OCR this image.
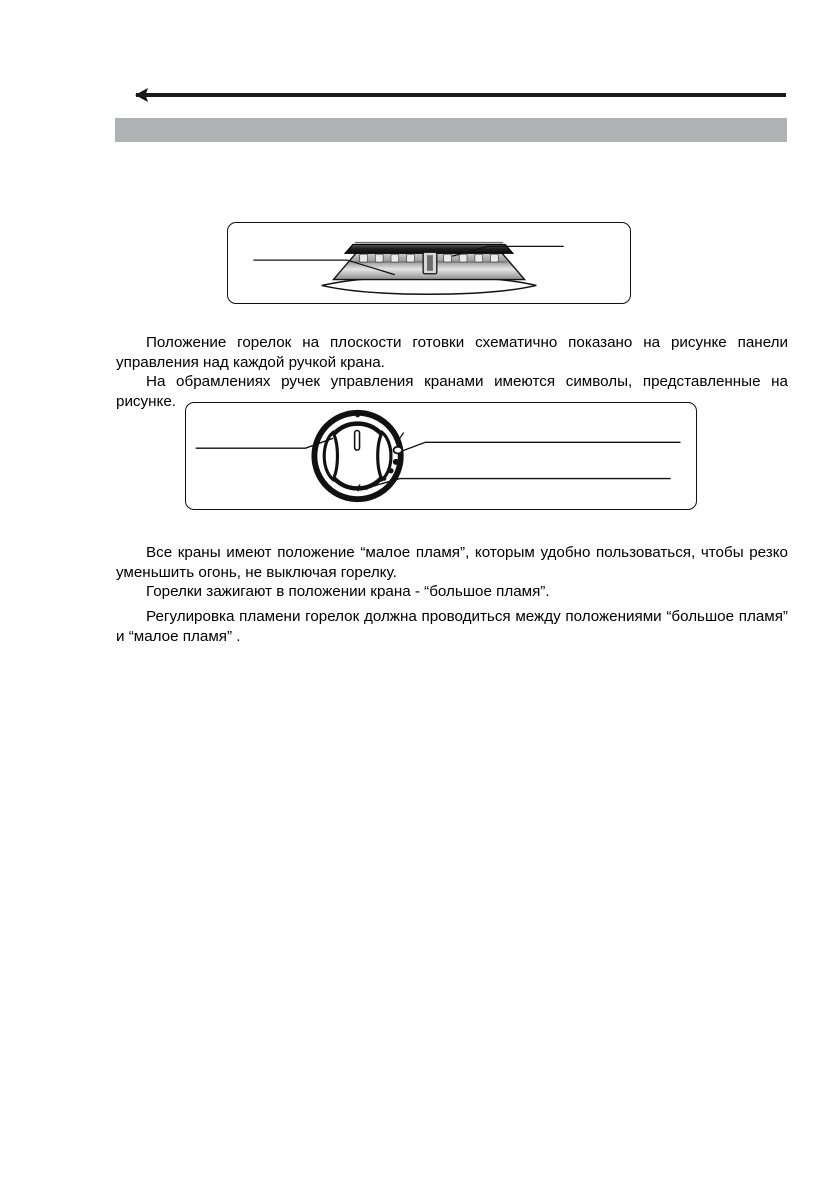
Положение горелок на плоскости готовки схематично показано на рисунке панели управления над каждой ручкой крана.

На обрамлениях ручек управления кранами имеются символы, представленные на рисунке.

Все краны имеют положение “малое пламя”, которым удобно пользоваться, чтобы резко уменьшить огонь, не выключая горелку.

Горелки зажигают в положении крана - “большое пламя”.

Регулировка пламени горелок должна проводиться между положениями “большое пламя” и “малое пламя” .
